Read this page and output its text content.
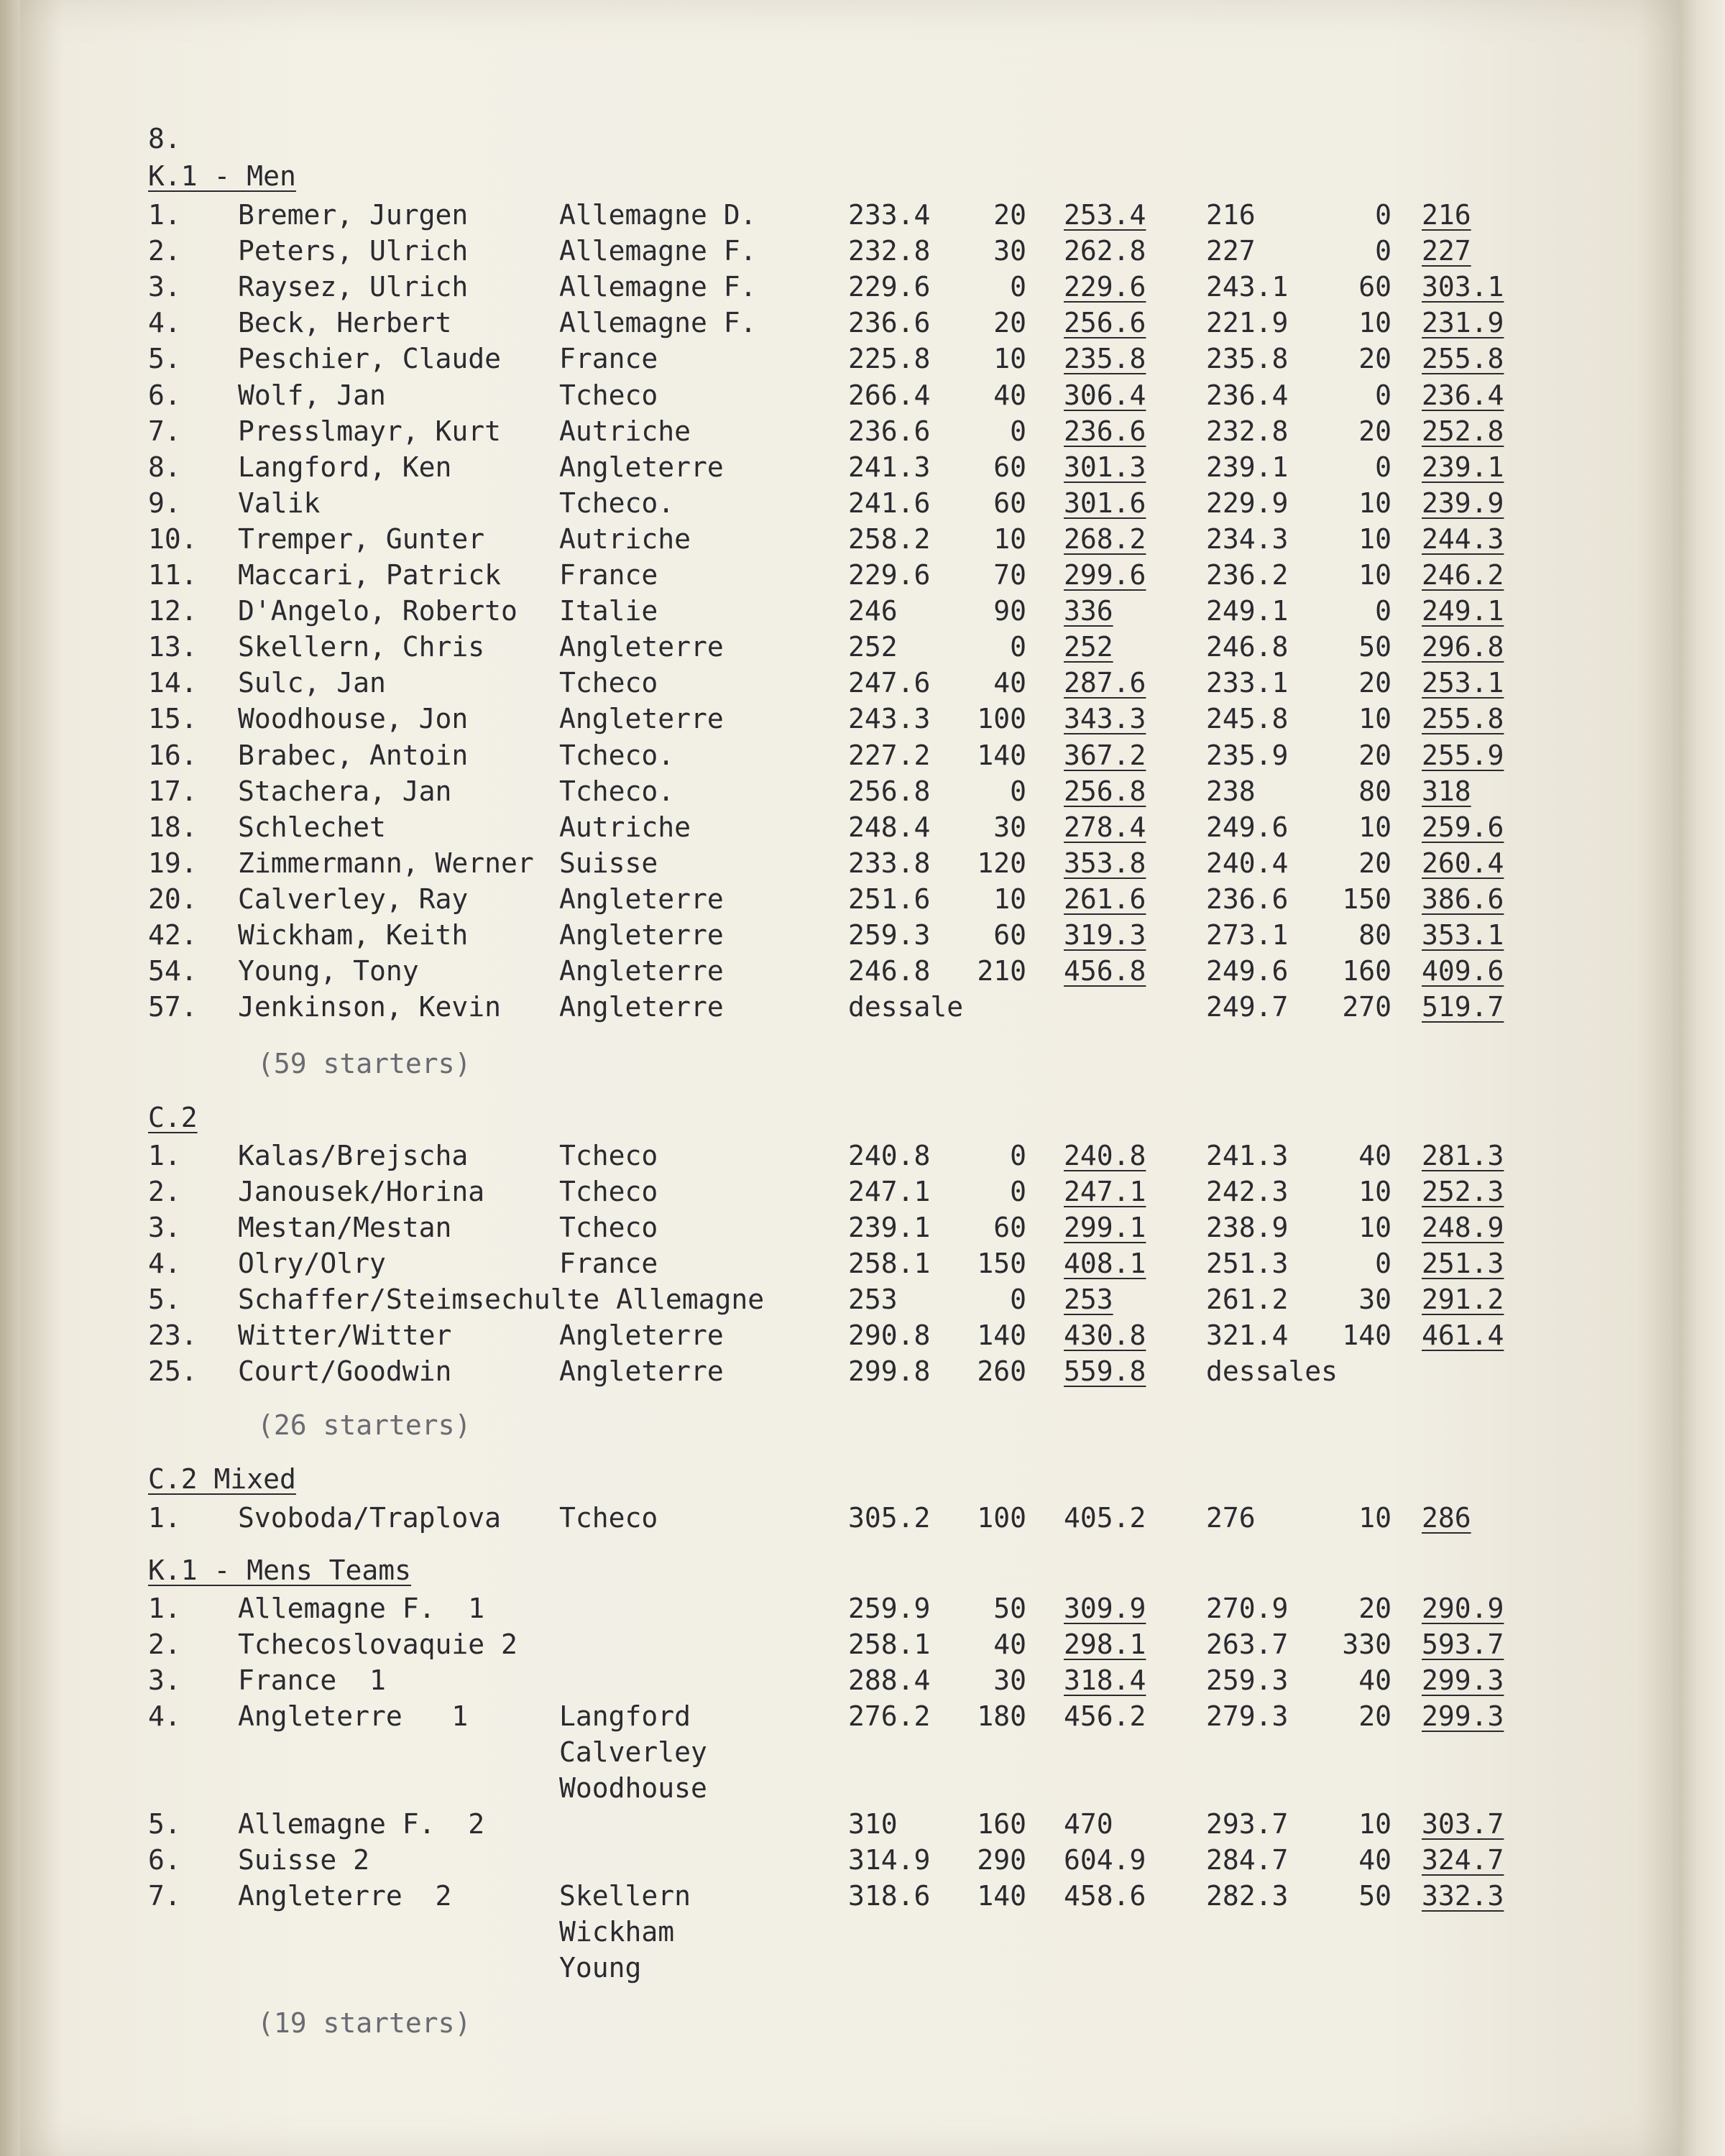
8.
K.1 - Men
1. Bremer, Jurgen	Allemagne D.	233.4	20 253.4 216	0 216
2. Peters, Ulrich	Allemagne F.	232.8	30 262.8 227	0 227
3. Raysez, Ulrich	Allemagne F.	229.6	0 229.6 243.1	60 303.1
4. Beck, Herbert	Allemagne F.	236.6	20 256.6 221.9	10 231.9
5. Peschier, Claude France	225.8	10 235.8 235.8	20 255.8
6. Wolf, Jan	Tcheco	266.4	40 306.4 236.4	0 236.4
7. Presslmayr, Kurt Autriche	236.6	0 236.6 232.8	20 252.8
8. Langford, Ken	Angleterre	241.3	60 301.3 239.1	0 239.1
9. Valik	Tcheco.	241.6	60 301.6 229.9	10 239.9
10. Tremper, Gunter	Autriche	258.2	10 268.2 234.3	10 244.3
11. Maccari, Patrick France	229.6	70 299.6 236.2	10 246.2
12. D'Angelo, Roberto Italie	246	90 336	249.1	0 249.1
13. Skellern, Chris	Angleterre	252	0 252	246.8	50 296.8
14. Sulc, Jan	Tcheco	247.6	40 287.6 233.1	20 253.1
15. Woodhouse, Jon	Angleterre	243.3	100 343.3 245.8	10 255.8
16. Brabec, Antoin	Tcheco.	227.2	140 367.2 235.9	20 255.9
17. Stachera, Jan	Tcheco.	256.8	0 256.8 238	80 318
18. Schlechet	Autriche	248.4	30 278.4 249.6	10 259.6
19. Zimmermann, Werner Suisse	233.8	120 353.8 240.4	20 260.4
20. Calverley, Ray	Angleterre	251.6	10 261.6 236.6	150 386.6
42. Wickham, Keith	Angleterre	259.3	60 319.3 273.1	80 353.1
54. Young, Tony	Angleterre	246.8	210 456.8 249.6	160 409.6
57. Jenkinson, Kevin Angleterre	dessale	249.7	270 519.7
(59 starters)
C.2
1. Kalas/Brejscha	Tcheco	240.8	0 240.8 241.3	40 281.3
2. Janousek/Horina	Tcheco	247.1	0 247.1 242.3	10 252.3
3. Mestan/Mestan	Tcheco	239.1	60 299.1 238.9	10 248.9
4. Olry/Olry	France	258.1	150 408.1 251.3	0 251.3
5. Schaffer/Steimsechulte Allemagne	253	0 253	261.2	30 291.2
23. Witter/Witter	Angleterre	290.8	140 430.8 321.4	140 461.4
25. Court/Goodwin	Angleterre	299.8	260 559.8 dessales
(26 starters)
C.2 Mixed
1. Svoboda/Traplova Tcheco	305.2	100 405.2 276	10 286
K.1 - Mens Teams
1. Allemagne F.  1	259.9	50 309.9 270.9	20 290.9
2. Tchecoslovaquie 2	258.1	40 298.1 263.7	330 593.7
3. France  1	288.4	30 318.4 259.3	40 299.3
4. Angleterre   1	276.2	180 456.2 279.3	20 299.3
Langford
Calverley
Woodhouse
5. Allemagne F.  2	310	160 470	293.7	10 303.7
6. Suisse 2	314.9	290 604.9 284.7	40 324.7
7. Angleterre  2	318.6	140 458.6 282.3	50 332.3
Skellern
Wickham
Young
(19 starters)
